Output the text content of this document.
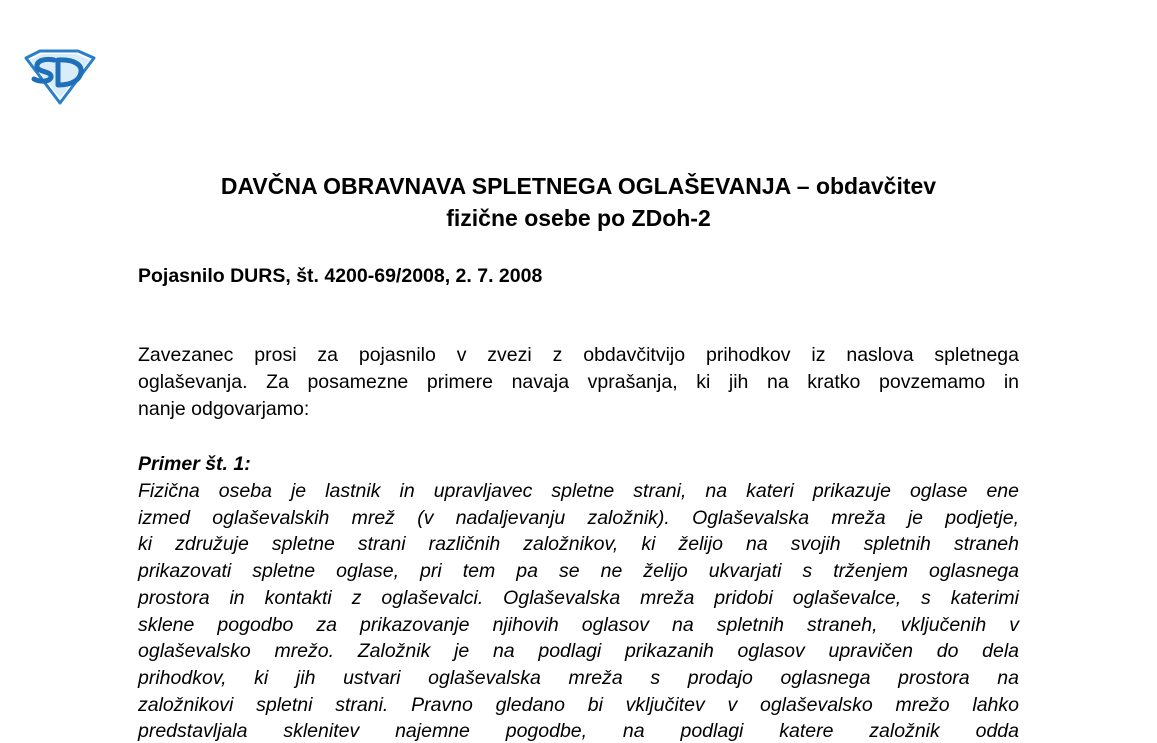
DAVČNA OBRAVNAVA SPLETNEGA OGLAŠEVANJA – obdavčitev
fizične osebe po ZDoh-2
Pojasnilo DURS, št. 4200-69/2008, 2. 7. 2008
Zavezanec prosi za pojasnilo v zvezi z obdavčitvijo prihodkov iz naslova spletnega
oglaševanja. Za posamezne primere navaja vprašanja, ki jih na kratko povzemamo in
nanje odgovarjamo:
Primer št. 1:
Fizična oseba je lastnik in upravljavec spletne strani, na kateri prikazuje oglase ene
izmed oglaševalskih mrež (v nadaljevanju založnik). Oglaševalska mreža je podjetje,
ki združuje spletne strani različnih založnikov, ki želijo na svojih spletnih straneh
prikazovati spletne oglase, pri tem pa se ne želijo ukvarjati s trženjem oglasnega
prostora in kontakti z oglaševalci. Oglaševalska mreža pridobi oglaševalce, s katerimi
sklene pogodbo za prikazovanje njihovih oglasov na spletnih straneh, vključenih v
oglaševalsko mrežo. Založnik je na podlagi prikazanih oglasov upravičen do dela
prihodkov, ki jih ustvari oglaševalska mreža s prodajo oglasnega prostora na
založnikovi spletni strani. Pravno gledano bi vključitev v oglaševalsko mrežo lahko
predstavljala sklenitev najemne pogodbe, na podlagi katere založnik odda
